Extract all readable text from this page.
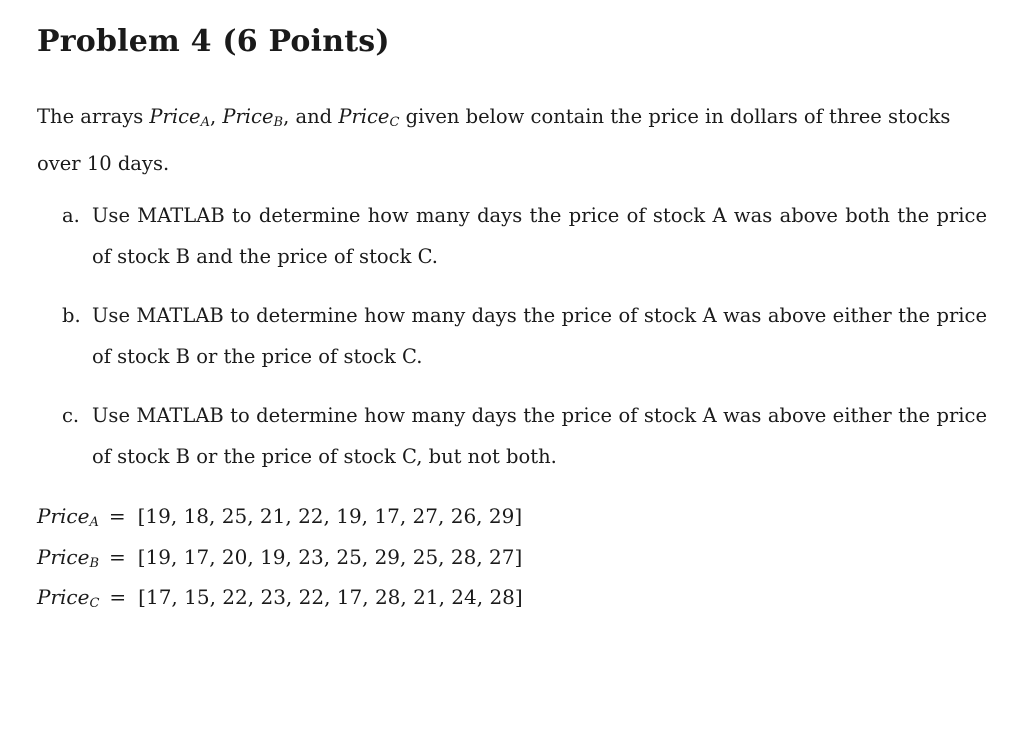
Problem 4 (6 Points)
The arrays Price$_A$, Price$_B$, and Price$_C$ given below contain the price in dollars of three stocks over 10 days.
a. Use MATLAB to determine how many days the price of stock A was above both the price of stock B and the price of stock C.
b. Use MATLAB to determine how many days the price of stock A was above either the price of stock B or the price of stock C.
c. Use MATLAB to determine how many days the price of stock A was above either the price of stock B or the price of stock C, but not both.
Price$_A$ = [19, 18, 25, 21, 22, 19, 17, 27, 26, 29]
Price$_B$ = [19, 17, 20, 19, 23, 25, 29, 25, 28, 27]
Price$_C$ = [17, 15, 22, 23, 22, 17, 28, 21, 24, 28]
